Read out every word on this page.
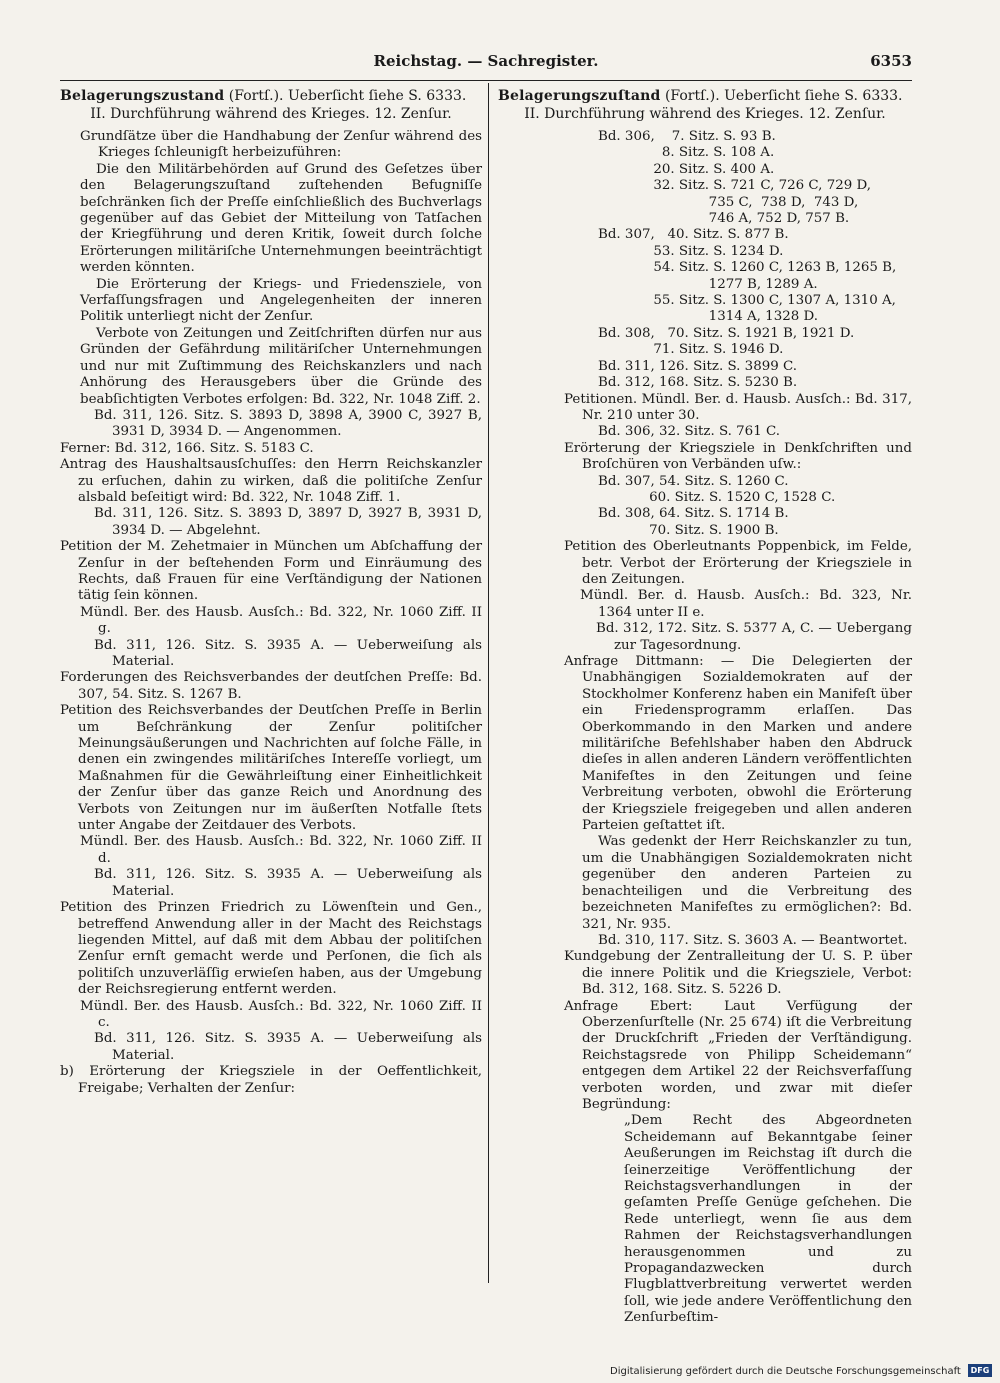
Reichstag. — Sachregister.	6353

Belagerungszustand (Fortſ.). Ueberſicht ſiehe S. 6333.

II. Durchführung während des Krieges. 12. Zenſur.

Grundſätze über die Handhabung der Zenſur während des Krieges ſchleunigſt herbeizuführen:

Die den Militärbehörden auf Grund des Geſetzes über den Belagerungszuſtand zuſtehenden Befugniſſe beſchränken ſich der Preſſe einſchließlich des Buchverlags gegenüber auf das Gebiet der Mitteilung von Tatſachen der Kriegführung und deren Kritik, ſoweit durch ſolche Erörterungen militäriſche Unternehmungen beeinträchtigt werden könnten.

Die Erörterung der Kriegs- und Friedensziele, von Verfaſſungsfragen und Angelegenheiten der inneren Politik unterliegt nicht der Zenſur.

Verbote von Zeitungen und Zeitſchriften dürfen nur aus Gründen der Gefährdung militäriſcher Unternehmungen und nur mit Zuſtimmung des Reichskanzlers und nach Anhörung des Herausgebers über die Gründe des beabſichtigten Verbotes erfolgen: Bd. 322, Nr. 1048 Ziff. 2.

Bd. 311, 126. Sitz. S. 3893 D, 3898 A, 3900 C, 3927 B, 3931 D, 3934 D. — Angenommen.

Ferner: Bd. 312, 166. Sitz. S. 5183 C.

Antrag des Haushaltsausſchuſſes: den Herrn Reichskanzler zu erſuchen, dahin zu wirken, daß die politiſche Zenſur alsbald beſeitigt wird: Bd. 322, Nr. 1048 Ziff. 1.

Bd. 311, 126. Sitz. S. 3893 D, 3897 D, 3927 B, 3931 D, 3934 D. — Abgelehnt.

Petition der M. Zehetmaier in München um Abſchaffung der Zenſur in der beſtehenden Form und Einräumung des Rechts, daß Frauen für eine Verſtändigung der Nationen tätig ſein können.

Mündl. Ber. des Hausb. Ausſch.: Bd. 322, Nr. 1060 Ziff. II g.

Bd. 311, 126. Sitz. S. 3935 A. — Ueberweiſung als Material.

Forderungen des Reichsverbandes der deutſchen Preſſe: Bd. 307, 54. Sitz. S. 1267 B.

Petition des Reichsverbandes der Deutſchen Preſſe in Berlin um Beſchränkung der Zenſur politiſcher Meinungsäußerungen und Nachrichten auf ſolche Fälle, in denen ein zwingendes militäriſches Intereſſe vorliegt, um Maßnahmen für die Gewährleiſtung einer Einheitlichkeit der Zenſur über das ganze Reich und Anordnung des Verbots von Zeitungen nur im äußerſten Notfalle ſtets unter Angabe der Zeitdauer des Verbots.

Mündl. Ber. des Hausb. Ausſch.: Bd. 322, Nr. 1060 Ziff. II d.

Bd. 311, 126. Sitz. S. 3935 A. — Ueberweiſung als Material.

Petition des Prinzen Friedrich zu Löwenſtein und Gen., betreffend Anwendung aller in der Macht des Reichstags liegenden Mittel, auf daß mit dem Abbau der politiſchen Zenſur ernſt gemacht werde und Perſonen, die ſich als politiſch unzuverläſſig erwieſen haben, aus der Umgebung der Reichsregierung entfernt werden.

Mündl. Ber. des Hausb. Ausſch.: Bd. 322, Nr. 1060 Ziff. II c.

Bd. 311, 126. Sitz. S. 3935 A. — Ueberweiſung als Material.

b) Erörterung der Kriegsziele in der Oeffentlichkeit, Freigabe; Verhalten der Zenſur:

Belagerungszuſtand (Fortſ.). Ueberſicht ſiehe S. 6333.

II. Durchführung während des Krieges. 12. Zenſur.

Bd. 306,    7. Sitz. S. 93 B.
8. Sitz. S. 108 A.
20. Sitz. S. 400 A.
32. Sitz. S. 721 C, 726 C, 729 D,
735 C,  738 D,  743 D,
746 A, 752 D, 757 B.
Bd. 307,   40. Sitz. S. 877 B.
53. Sitz. S. 1234 D.
54. Sitz. S. 1260 C, 1263 B, 1265 B,
1277 B, 1289 A.
55. Sitz. S. 1300 C, 1307 A, 1310 A,
1314 A, 1328 D.
Bd. 308,   70. Sitz. S. 1921 B, 1921 D.
71. Sitz. S. 1946 D.
Bd. 311, 126. Sitz. S. 3899 C.
Bd. 312, 168. Sitz. S. 5230 B.

Petitionen. Mündl. Ber. d. Hausb. Ausſch.: Bd. 317, Nr. 210 unter 30.

Bd. 306, 32. Sitz. S. 761 C.

Erörterung der Kriegsziele in Denkſchriften und Broſchüren von Verbänden uſw.:

Bd. 307, 54. Sitz. S. 1260 C.
60. Sitz. S. 1520 C, 1528 C.
Bd. 308, 64. Sitz. S. 1714 B.
70. Sitz. S. 1900 B.

Petition des Oberleutnants Poppenbick, im Felde, betr. Verbot der Erörterung der Kriegsziele in den Zeitungen.

Mündl. Ber. d. Hausb. Ausſch.: Bd. 323, Nr. 1364 unter II e.

Bd. 312, 172. Sitz. S. 5377 A, C. — Uebergang zur Tagesordnung.

Anfrage Dittmann: — Die Delegierten der Unabhängigen Sozialdemokraten auf der Stockholmer Konferenz haben ein Manifeſt über ein Friedensprogramm erlaſſen. Das Oberkommando in den Marken und andere militäriſche Befehlshaber haben den Abdruck dieſes in allen anderen Ländern veröffentlichten Manifeſtes in den Zeitungen und ſeine Verbreitung verboten, obwohl die Erörterung der Kriegsziele freigegeben und allen anderen Parteien geſtattet iſt.

Was gedenkt der Herr Reichskanzler zu tun, um die Unabhängigen Sozialdemokraten nicht gegenüber den anderen Parteien zu benachteiligen und die Verbreitung des bezeichneten Manifeſtes zu ermöglichen?: Bd. 321, Nr. 935.

Bd. 310, 117. Sitz. S. 3603 A. — Beantwortet.

Kundgebung der Zentralleitung der U. S. P. über die innere Politik und die Kriegsziele, Verbot: Bd. 312, 168. Sitz. S. 5226 D.

Anfrage Ebert: Laut Verfügung der Oberzenſurſtelle (Nr. 25 674) iſt die Verbreitung der Druckſchrift „Frieden der Verſtändigung. Reichstagsrede von Philipp Scheidemann“ entgegen dem Artikel 22 der Reichsverfaſſung verboten worden, und zwar mit dieſer Begründung:

„Dem Recht des Abgeordneten Scheidemann auf Bekanntgabe ſeiner Aeußerungen im Reichstag iſt durch die ſeinerzeitige Veröffentlichung der Reichstagsverhandlungen in der geſamten Preſſe Genüge geſchehen. Die Rede unterliegt, wenn ſie aus dem Rahmen der Reichstagsverhandlungen herausgenommen und zu Propagandazwecken durch Flugblattverbreitung verwertet werden ſoll, wie jede andere Veröffentlichung den Zenſurbeſtim-

Digitalisierung gefördert durch die Deutsche Forschungsgemeinschaft	DFG
